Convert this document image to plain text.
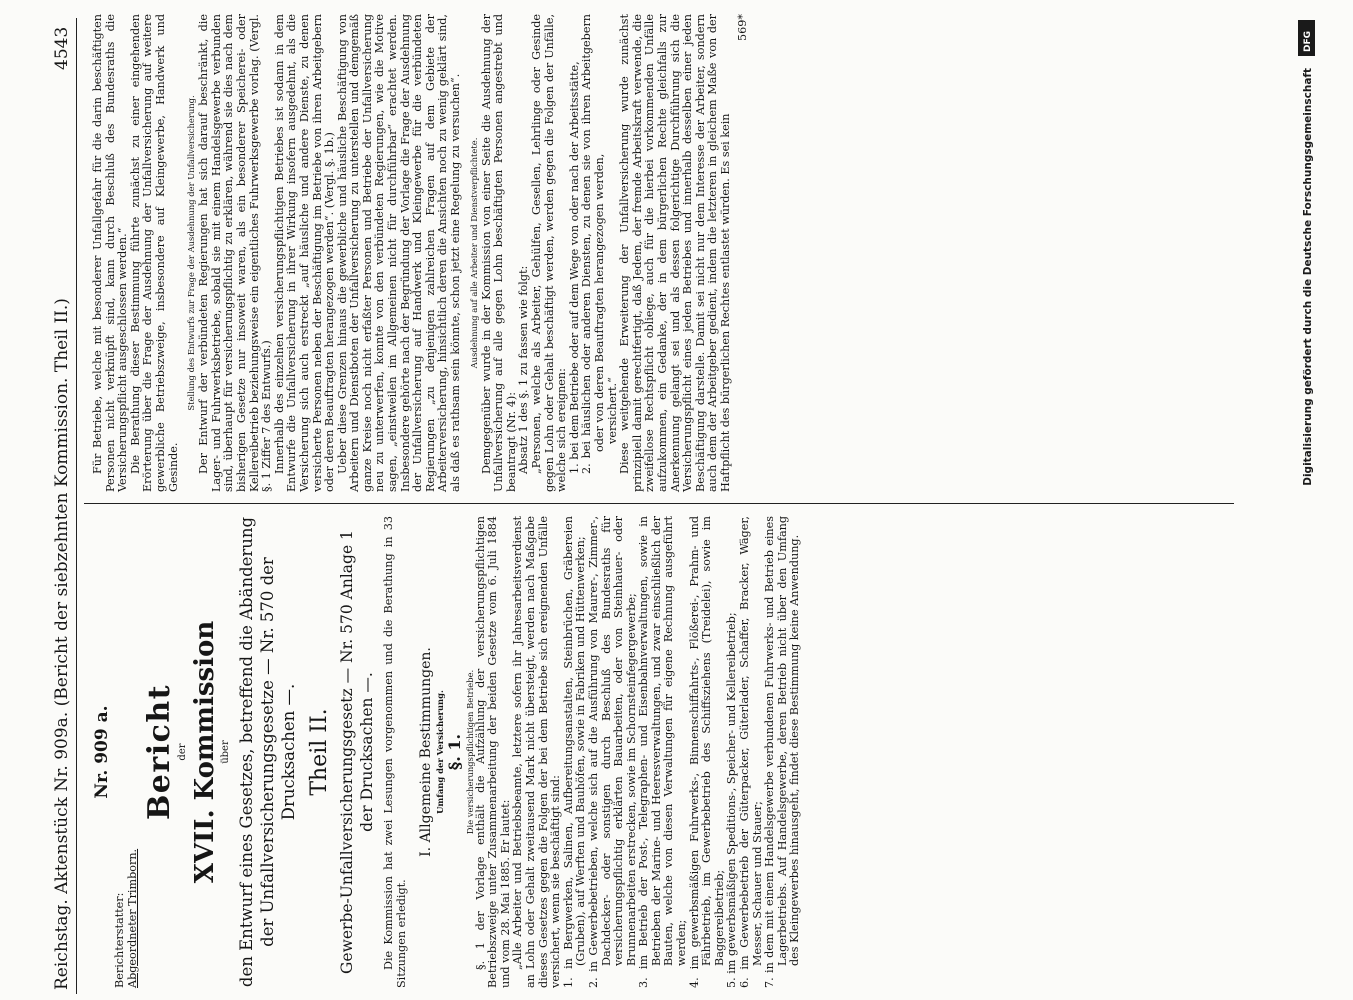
Reichstag. Aktenstück Nr. 909a. (Bericht der siebzehnten Kommission. Theil II.)
4543

Nr. 909 a.

Berichterstatter: Abgeordneter Trimborn.

Bericht der XVII. Kommission über den Entwurf eines Gesetzes, betreffend die Abänderung der Unfallversicherungsgesetze — Nr. 570 der Drucksachen —. Theil II. Gewerbe-Unfallversicherungsgesetz — Nr. 570 Anlage 1 der Drucksachen —. Die Kommission hat zwei Lesungen vorgenommen und die Berathung in 33 Sitzungen erledigt.

I. Allgemeine Bestimmungen. Umfang der Versicherung. §. 1. Die versicherungspflichtigen Betriebe. §. 1 der Vorlage enthält die Aufzählung der versicherungspflichtigen Betriebszweige unter Zusammenarbeitung der beiden Gesetze vom 6. Juli 1884 und vom 28. Mai 1885. Er lautet: „Alle Arbeiter und Betriebsbeamte, letztere sofern ihr Jahresarbeitsverdienst an Lohn oder Gehalt zweitausend Mark nicht übersteigt, werden nach Maßgabe dieses Gesetzes gegen die Folgen der bei dem Betriebe sich ereignenden Unfälle versichert, wenn sie beschäftigt sind: 1. in Bergwerken, Salinen, Aufbereitungsanstalten, Steinbrüchen, Gräbereien (Gruben), auf Werften und Bauhöfen, sowie in Fabriken und Hüttenwerken; 2. in Gewerbebetrieben, welche sich auf die Ausführung von Maurer-, Zimmer-, Dachdecker- oder sonstigen durch Beschluß des Bundesraths für versicherungspflichtig erklärten Bauarbeiten, oder von Steinhauer- oder Brunnenarbeiten erstrecken, sowie im Schornsteinfegergewerbe; 3. im Betrieb der Post-, Telegraphen- und Eisenbahnverwaltungen, sowie in Betrieben der Marine- und Heeresverwaltungen, und zwar einschließlich der Bauten, welche von diesen Verwaltungen für eigene Rechnung ausgeführt werden; 4. im gewerbsmäßigen Fuhrwerks-, Binnenschiffahrts-, Flößerei-, Prahm- und Fährbetrieb, im Gewerbebetrieb des Schiffsziehens (Treidelei), sowie im Baggereibetrieb; 5. im gewerbsmäßigen Speditions-, Speicher- und Kellereibetrieb; 6. im Gewerbebetrieb der Güterpacker, Güterlader, Schaffer, Bracker, Wäger, Messer, Schauer und Stauer; 7. in dem mit einem Handelsgewerbe verbundenen Fuhrwerks- und Betrieb eines Lagerbetriebs. Auf Handelsgewerbe, deren Betrieb nicht über den Umfang des Kleingewerbes hinausgeht, findet diese Bestimmung keine Anwendung.

Für Betriebe, welche mit besonderer Unfallgefahr für die darin beschäftigten Personen nicht verknüpft sind, kann durch Beschluß des Bundesraths die Versicherungspflicht ausgeschlossen werden.“ Die Berathung dieser Bestimmung führte zunächst zu einer eingehenden Erörterung über die Frage der Ausdehnung der Unfallversicherung auf weitere gewerbliche Betriebszweige, insbesondere auf Kleingewerbe, Handwerk und Gesinde.

Stellung des Entwurfs zur Frage der Ausdehnung der Unfallversicherung. Der Entwurf der verbündeten Regierungen hat sich darauf beschränkt, die Lager- und Fuhrwerksbetriebe, sobald sie mit einem Handelsgewerbe verbunden sind, überhaupt für versicherungspflichtig zu erklären, während sie dies nach dem bisherigen Gesetze nur insoweit waren, als ein besonderer Speicherei- oder Kellereibetrieb beziehungsweise ein eigentliches Fuhrwerksgewerbe vorlag. (Vergl. §. 1 Ziffer 7 des Entwurfs.) Innerhalb des einzelnen versicherungspflichtigen Betriebes ist sodann in dem Entwurfe die Unfallversicherung in ihrer Wirkung insofern ausgedehnt, als die Versicherung sich auch erstreckt „auf häusliche und andere Dienste, zu denen versicherte Personen neben der Beschäftigung im Betriebe von ihren Arbeitgebern oder deren Beauftragten herangezogen werden“. (Vergl. §. 1b.) Ueber diese Grenzen hinaus die gewerbliche und häusliche Beschäftigung von Arbeitern und Dienstboten der Unfallversicherung zu unterstellen und demgemäß ganze Kreise noch nicht erfaßter Personen und Betriebe der Unfallversicherung neu zu unterwerfen, konnte von den verbündeten Regierungen, wie die Motive sagen, „einstweilen im Allgemeinen nicht für durchführbar“ erachtet werden. Insbesondere gehörte nach der Begründung der Vorlage die Frage der Ausdehnung der Unfallversicherung auf Handwerk und Kleingewerbe für die verbündeten Regierungen „zu denjenigen zahlreichen Fragen auf dem Gebiete der Arbeiterversicherung, hinsichtlich deren die Ansichten noch zu wenig geklärt sind, als daß es rathsam sein könnte, schon jetzt eine Regelung zu versuchen“. Ausdehnung auf alle Arbeiter und Dienstverpflichtete. Demgegenüber wurde in der Kommission von einer Seite die Ausdehnung der Unfallversicherung auf alle gegen Lohn beschäftigten Personen angestrebt und beantragt (Nr. 4): Absatz 1 des §. 1 zu fassen wie folgt: „Personen, welche als Arbeiter, Gehülfen, Gesellen, Lehrlinge oder Gesinde gegen Lohn oder Gehalt beschäftigt werden, werden gegen die Folgen der Unfälle, welche sich ereignen: 1. bei dem Betriebe oder auf dem Wege von oder nach der Arbeitsstätte, 2. bei häuslichen oder anderen Diensten, zu denen sie von ihren Arbeitgebern oder von deren Beauftragten herangezogen werden, versichert.“ Diese weitgehende Erweiterung der Unfallversicherung wurde zunächst prinzipiell damit gerechtfertigt, daß Jedem, der fremde Arbeitskraft verwende, die zweifellose Rechtspflicht obliege, auch für die hierbei vorkommenden Unfälle aufzukommen, ein Gedanke, der in dem bürgerlichen Rechte gleichfalls zur Anerkennung gelangt sei und als dessen folgerichtige Durchführung sich die Versicherungspflicht eines jeden Betriebes und innerhalb desselben einer jeden Beschäftigung darstelle. Damit sei nicht nur dem Interesse der Arbeiter, sondern auch dem der Arbeitgeber gedient, indem die letzteren in gleichem Maße von der Haftpflicht des bürgerlichen Rechtes entlastet würden. Es sei kein

569*

DFG
Digitalisierung gefördert durch die Deutsche Forschungsgemeinschaft
